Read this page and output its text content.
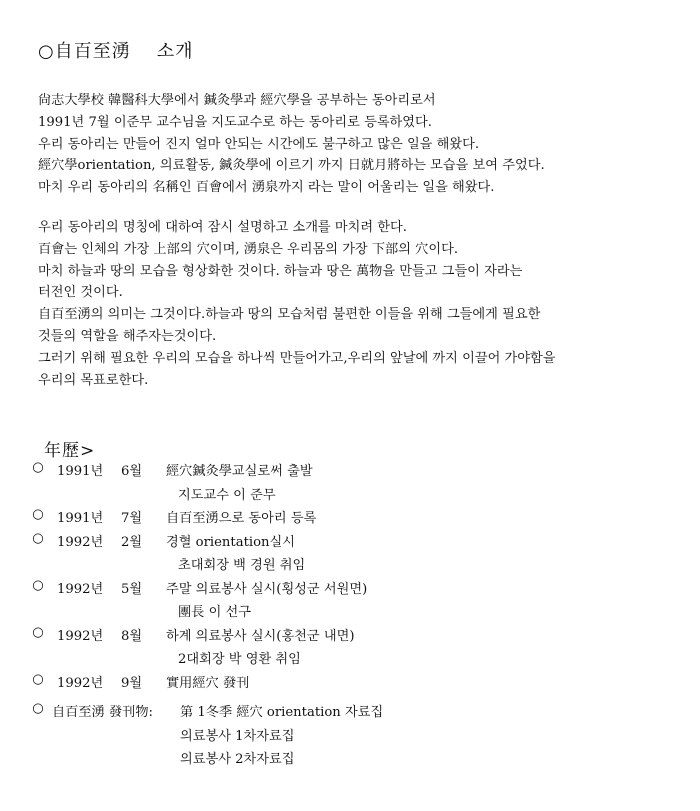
○自百至湧 소개
尙志大學校 韓醫科大學에서 鍼灸學과 經穴學을 공부하는 동아리로서
1991년 7월 이준무 교수님을 지도교수로 하는 동아리로 등록하였다.
우리 동아리는 만들어 진지 얼마 안되는 시간에도 불구하고 많은 일을 해왔다.
經穴學orientation, 의료활동, 鍼灸學에 이르기 까지 日就月將하는 모습을 보여 주었다.
마치 우리 동아리의 名稱인 百會에서 湧泉까지 라는 말이 어울리는 일을 해왔다.
우리 동아리의 명칭에 대하여 잠시 설명하고 소개를 마치려 한다.
百會는 인체의 가장 上部의 穴이며, 湧泉은 우리몸의 가장 下部의 穴이다.
마치 하늘과 땅의 모습을 형상화한 것이다. 하늘과 땅은 萬物을 만들고 그들이 자라는
터전인 것이다.
自百至湧의 의미는 그것이다.하늘과 땅의 모습처럼 불편한 이들을 위해 그들에게 필요한
것들의 역할을 해주자는것이다.
그러기 위해 필요한 우리의 모습을 하나씩 만들어가고,우리의 앞날에 까지 이끌어 가야함을
우리의 목표로한다.
年歷>
○ 1991년 6월 經穴鍼灸學교실로써 출발
지도교수 이 준무
○ 1991년 7월 自百至湧으로 동아리 등록
○ 1992년 2월 경혈 orientation실시
초대회장 백 경원 취임
○ 1992년 5월 주말 의료봉사 실시(횡성군 서원면)
團長 이 선구
○ 1992년 8월 하계 의료봉사 실시(홍천군 내면)
2대회장 박 영환 취임
○ 1992년 9월 實用經穴 發刊
○ 自百至湧 發刊物: 第 1冬季 經穴 orientation 자료집
의료봉사 1차자료집
의료봉사 2차자료집
